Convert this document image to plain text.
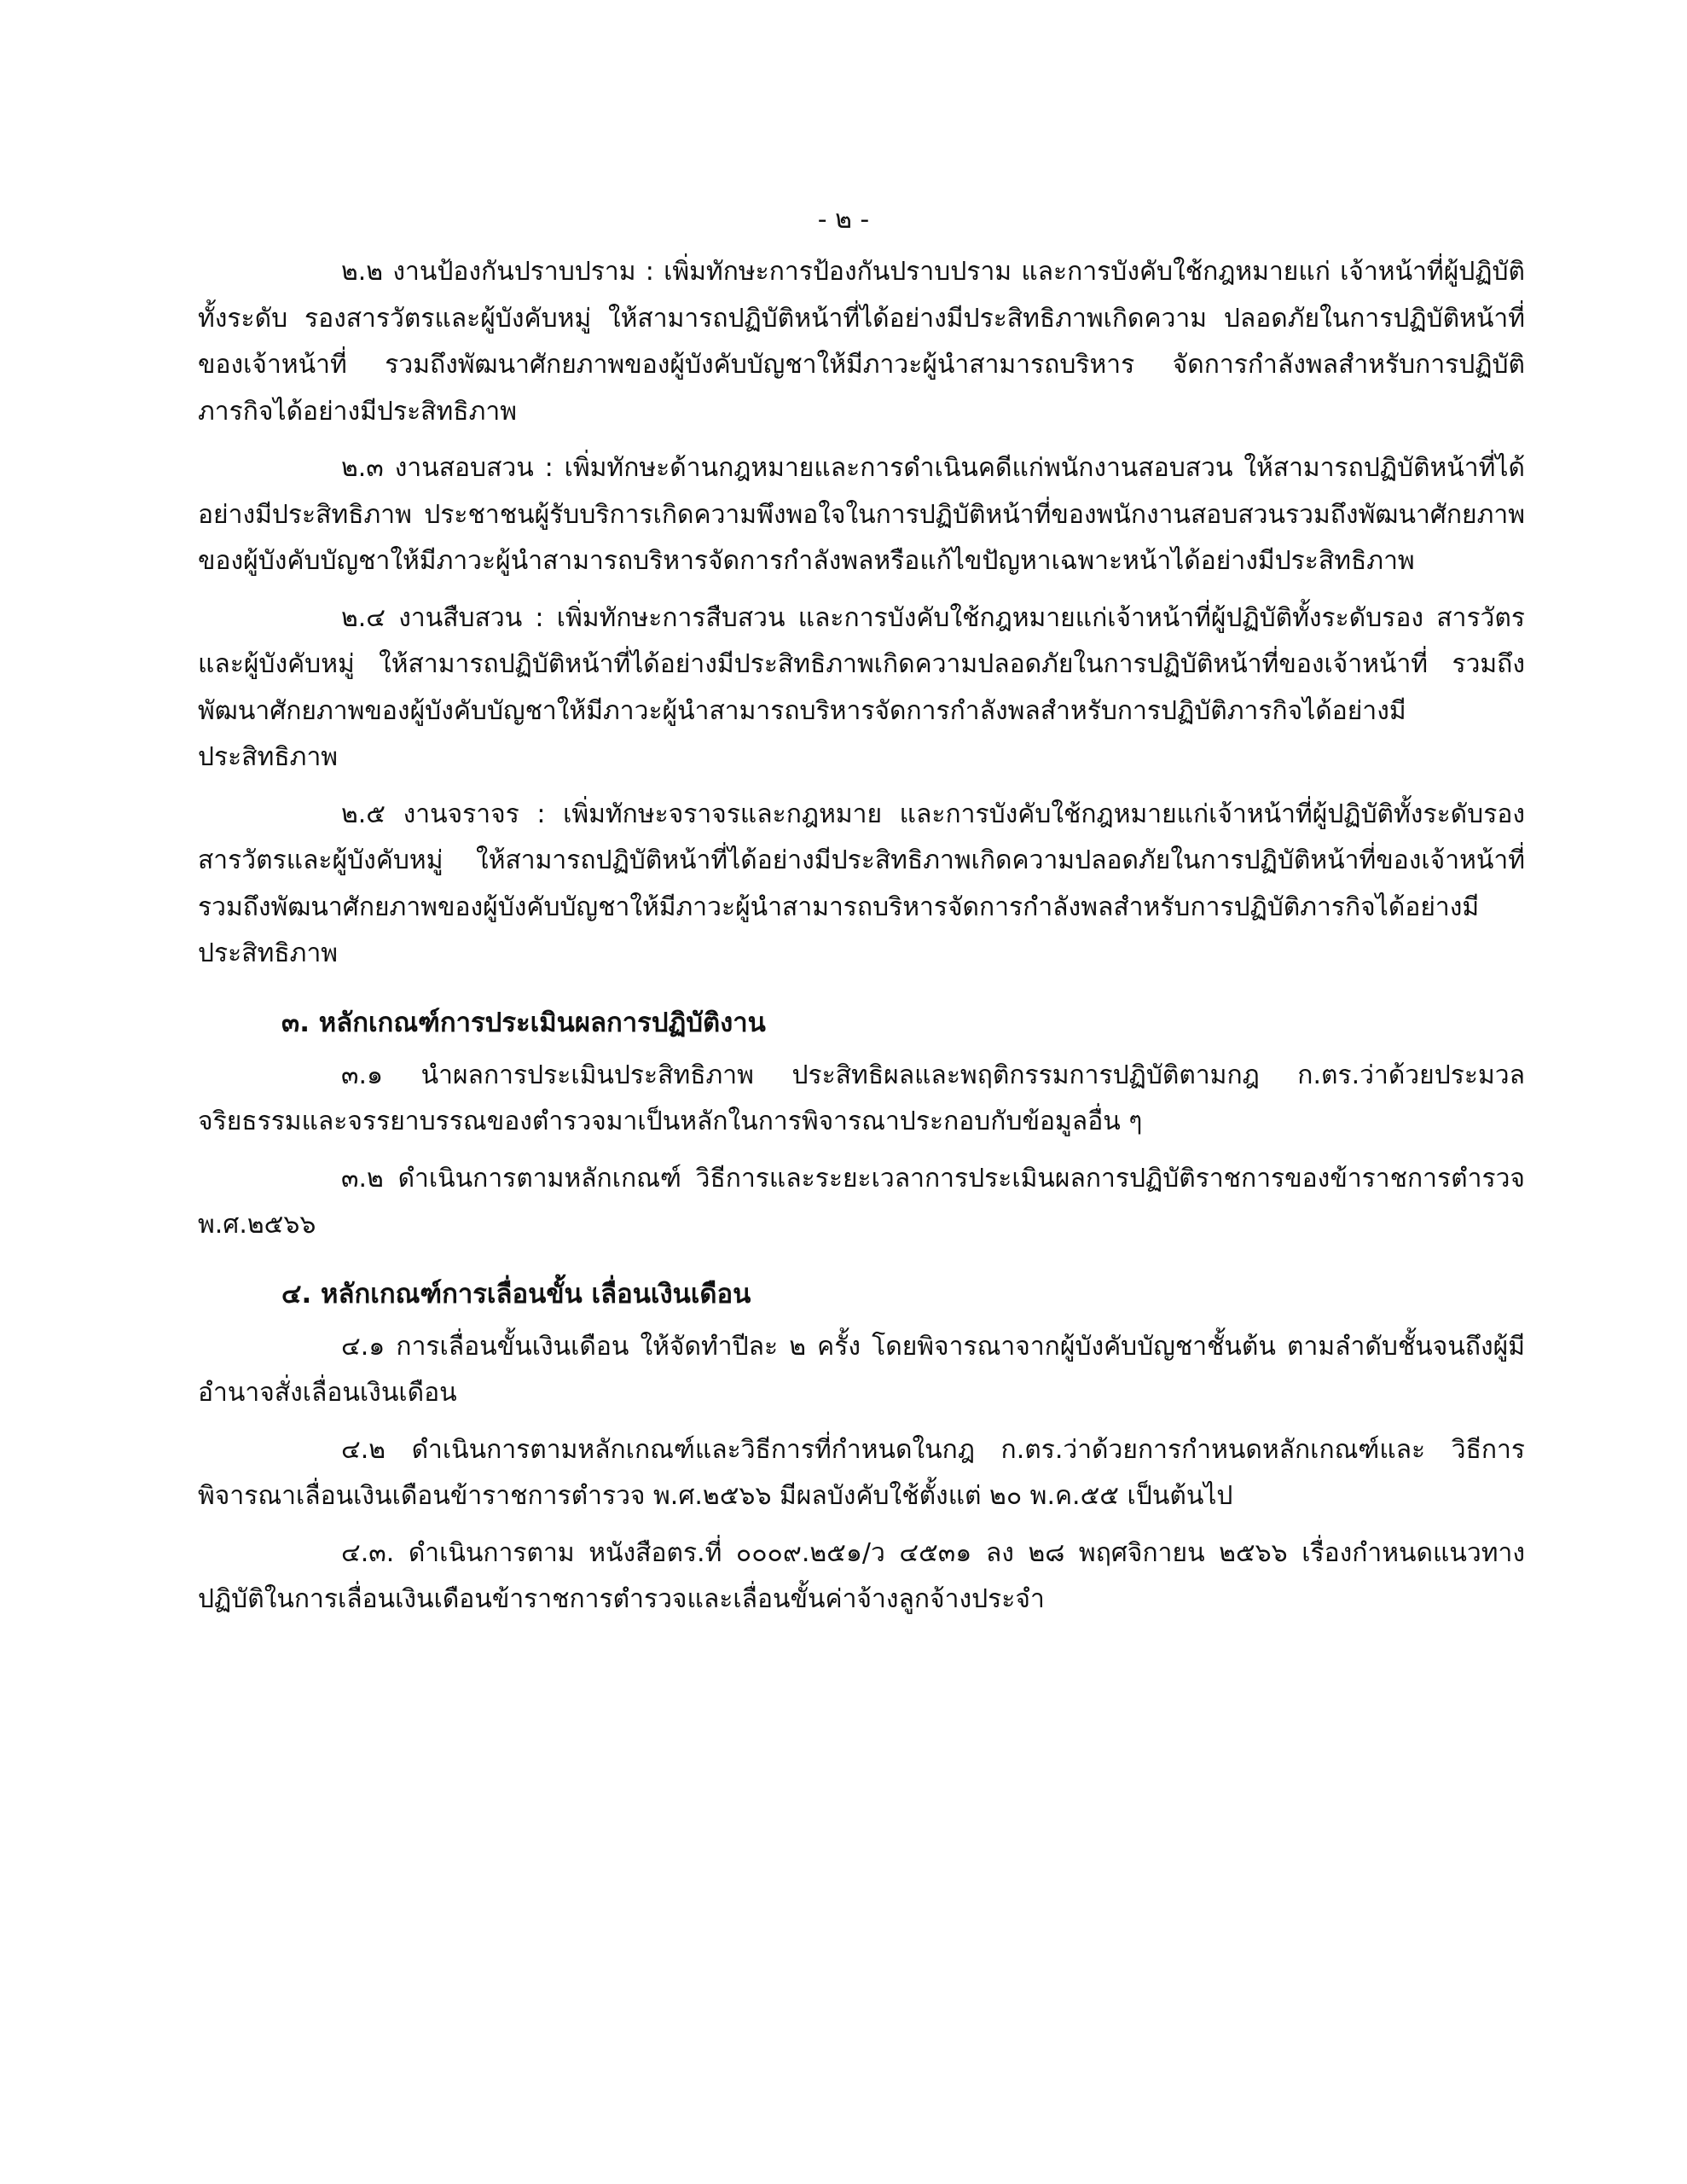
- ๒ -

๒.๒ งานป้องกันปราบปราม : เพิ่มทักษะการป้องกันปราบปราม และการบังคับใช้กฎหมายแก่ เจ้าหน้าที่ผู้ปฏิบัติทั้งระดับ รองสารวัตรและผู้บังคับหมู่ ให้สามารถปฏิบัติหน้าที่ได้อย่างมีประสิทธิภาพเกิดความ ปลอดภัยในการปฏิบัติหน้าที่ของเจ้าหน้าที่ รวมถึงพัฒนาศักยภาพของผู้บังคับบัญชาให้มีภาวะผู้นำสามารถบริหาร จัดการกำลังพลสำหรับการปฏิบัติภารกิจได้อย่างมีประสิทธิภาพ

๒.๓ งานสอบสวน : เพิ่มทักษะด้านกฎหมายและการดำเนินคดีแก่พนักงานสอบสวน ให้สามารถปฏิบัติหน้าที่ได้อย่างมีประสิทธิภาพ ประชาชนผู้รับบริการเกิดความพึงพอใจในการปฏิบัติหน้าที่ของพนักงานสอบสวนรวมถึงพัฒนาศักยภาพของผู้บังคับบัญชาให้มีภาวะผู้นำสามารถบริหารจัดการกำลังพลหรือแก้ไขปัญหาเฉพาะหน้าได้อย่างมีประสิทธิภาพ

๒.๔ งานสืบสวน : เพิ่มทักษะการสืบสวน และการบังคับใช้กฎหมายแก่เจ้าหน้าที่ผู้ปฏิบัติทั้งระดับรอง สารวัตรและผู้บังคับหมู่ ให้สามารถปฏิบัติหน้าที่ได้อย่างมีประสิทธิภาพเกิดความปลอดภัยในการปฏิบัติหน้าที่ของเจ้าหน้าที่ รวมถึงพัฒนาศักยภาพของผู้บังคับบัญชาให้มีภาวะผู้นำสามารถบริหารจัดการกำลังพลสำหรับการปฏิบัติภารกิจได้อย่างมีประสิทธิภาพ

๒.๕ งานจราจร : เพิ่มทักษะจราจรและกฎหมาย และการบังคับใช้กฎหมายแก่เจ้าหน้าที่ผู้ปฏิบัติทั้งระดับรองสารวัตรและผู้บังคับหมู่ ให้สามารถปฏิบัติหน้าที่ได้อย่างมีประสิทธิภาพเกิดความปลอดภัยในการปฏิบัติหน้าที่ของเจ้าหน้าที่ รวมถึงพัฒนาศักยภาพของผู้บังคับบัญชาให้มีภาวะผู้นำสามารถบริหารจัดการกำลังพลสำหรับการปฏิบัติภารกิจได้อย่างมีประสิทธิภาพ

๓. หลักเกณฑ์การประเมินผลการปฏิบัติงาน

๓.๑ นำผลการประเมินประสิทธิภาพ ประสิทธิผลและพฤติกรรมการปฏิบัติตามกฎ ก.ตร.ว่าด้วยประมวลจริยธรรมและจรรยาบรรณของตำรวจมาเป็นหลักในการพิจารณาประกอบกับข้อมูลอื่น ๆ

๓.๒ ดำเนินการตามหลักเกณฑ์ วิธีการและระยะเวลาการประเมินผลการปฏิบัติราชการของข้าราชการตำรวจ พ.ศ.๒๕๖๖

๔. หลักเกณฑ์การเลื่อนขั้น เลื่อนเงินเดือน

๔.๑ การเลื่อนขั้นเงินเดือน ให้จัดทำปีละ ๒ ครั้ง โดยพิจารณาจากผู้บังคับบัญชาชั้นต้น ตามลำดับชั้นจนถึงผู้มีอำนาจสั่งเลื่อนเงินเดือน

๔.๒ ดำเนินการตามหลักเกณฑ์และวิธีการที่กำหนดในกฎ ก.ตร.ว่าด้วยการกำหนดหลักเกณฑ์และ วิธีการพิจารณาเลื่อนเงินเดือนข้าราชการตำรวจ พ.ศ.๒๕๖๖ มีผลบังคับใช้ตั้งแต่ ๒๐ พ.ค.๕๕ เป็นต้นไป

๔.๓. ดำเนินการตาม หนังสือตร.ที่ ๐๐๐๙.๒๕๑/ว ๔๕๓๑ ลง ๒๘ พฤศจิกายน ๒๕๖๖ เรื่องกำหนดแนวทางปฏิบัติในการเลื่อนเงินเดือนข้าราชการตำรวจและเลื่อนขั้นค่าจ้างลูกจ้างประจำ
